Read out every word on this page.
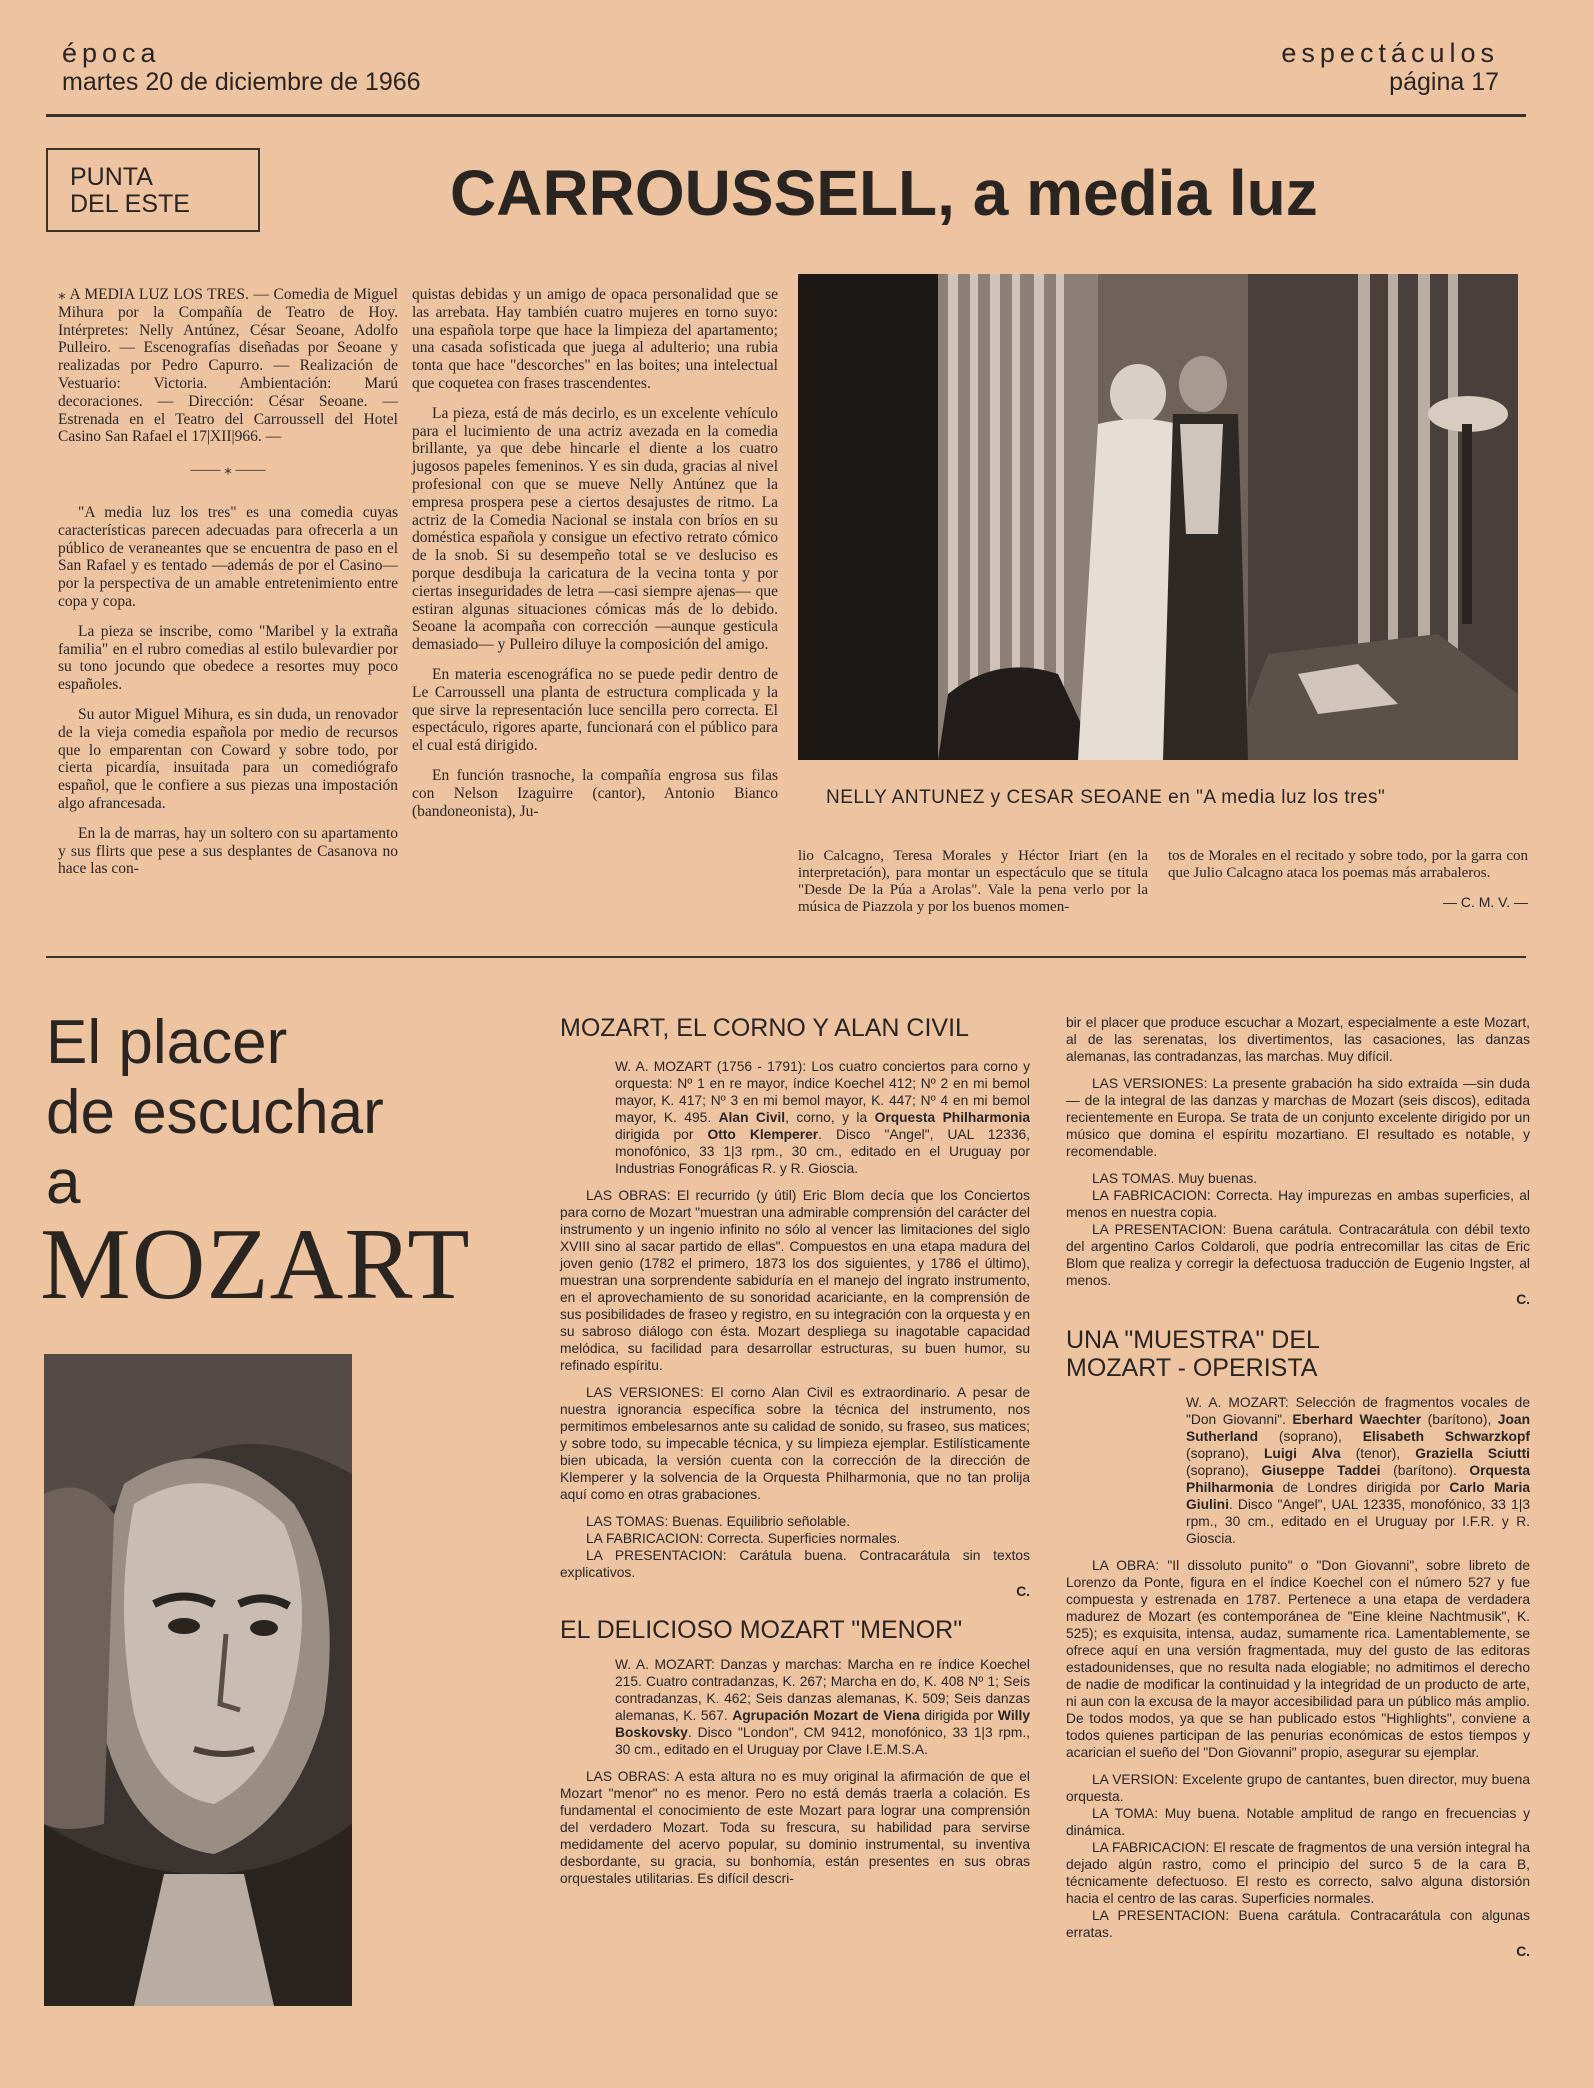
época
martes 20 de diciembre de 1966
espectáculos
página 17
PUNTA
DEL ESTE	CARROUSSELL, a media luz

⁎ A MEDIA LUZ LOS TRES. — Comedia de Miguel Mihura por la Compañía de Teatro de Hoy. Intérpretes: Nelly Antúnez, César Seoane, Adolfo Pulleiro. — Escenografías diseñadas por Seoane y realizadas por Pedro Capurro. — Realización de Vestuario: Victoria. Ambientación: Marú decoraciones. — Dirección: César Seoane. — Estrenada en el Teatro del Carroussell del Hotel Casino San Rafael el 17|XII|966. —

—— ⁎ ——

"A media luz los tres" es una comedia cuyas características parecen adecuadas para ofrecerla a un público de veraneantes que se encuentra de paso en el San Rafael y es tentado —además de por el Casino— por la perspectiva de un amable entretenimiento entre copa y copa.

La pieza se inscribe, como "Maribel y la extraña familia" en el rubro comedias al estilo bulevardier por su tono jocundo que obedece a resortes muy poco españoles.

Su autor Miguel Mihura, es sin duda, un renovador de la vieja comedia española por medio de recursos que lo emparentan con Coward y sobre todo, por cierta picardía, insuitada para un comediógrafo español, que le confiere a sus piezas una impostación algo afrancesada.

En la de marras, hay un soltero con su apartamento y sus flirts que pese a sus desplantes de Casanova no hace las con-

quistas debidas y un amigo de opaca personalidad que se las arrebata. Hay también cuatro mujeres en torno suyo: una española torpe que hace la limpieza del apartamento; una casada sofisticada que juega al adulterio; una rubia tonta que hace "descorches" en las boites; una intelectual que coquetea con frases trascendentes.

La pieza, está de más decirlo, es un excelente vehículo para el lucimiento de una actriz avezada en la comedia brillante, ya que debe hincarle el diente a los cuatro jugosos papeles femeninos. Y es sin duda, gracias al nivel profesional con que se mueve Nelly Antúnez que la empresa prospera pese a ciertos desajustes de ritmo. La actriz de la Comedia Nacional se instala con bríos en su doméstica española y consigue un efectivo retrato cómico de la snob. Si su desempeño total se ve desluciso es porque desdibuja la caricatura de la vecina tonta y por ciertas inseguridades de letra —casi siempre ajenas— que estiran algunas situaciones cómicas más de lo debido. Seoane la acompaña con corrección —aunque gesticula demasiado— y Pulleiro diluye la composición del amigo.

En materia escenográfica no se puede pedir dentro de Le Carroussell una planta de estructura complicada y la que sirve la representación luce sencilla pero correcta. El espectáculo, rigores aparte, funcionará con el público para el cual está dirigido.

En función trasnoche, la compañía engrosa sus filas con Nelson Izaguirre (cantor), Antonio Bianco (bandoneonista), Ju-

NELLY ANTUNEZ y CESAR SEOANE en "A media luz los tres"

lio Calcagno, Teresa Morales y Héctor Iriart (en la interpretación), para montar un espectáculo que se titula "Desde De la Púa a Arolas". Vale la pena verlo por la música de Piazzola y por los buenos momen-

tos de Morales en el recitado y sobre todo, por la garra con que Julio Calcagno ataca los poemas más arrabaleros.

— C. M. V. —
El placer
de escuchar
a
MOZART
MOZART, EL CORNO Y ALAN CIVIL

W. A. MOZART (1756 - 1791): Los cuatro conciertos para corno y orquesta: Nº 1 en re mayor, índice Koechel 412; Nº 2 en mi bemol mayor, K. 417; Nº 3 en mi bemol mayor, K. 447; Nº 4 en mi bemol mayor, K. 495. Alan Civil, corno, y la Orquesta Philharmonia dirigida por Otto Klemperer. Disco "Angel", UAL 12336, monofónico, 33 1|3 rpm., 30 cm., editado en el Uruguay por Industrias Fonográficas R. y R. Gioscia.

LAS OBRAS: El recurrido (y útil) Eric Blom decía que los Conciertos para corno de Mozart "muestran una admirable comprensión del carácter del instrumento y un ingenio infinito no sólo al vencer las limitaciones del siglo XVIII sino al sacar partido de ellas". Compuestos en una etapa madura del joven genio (1782 el primero, 1873 los dos siguientes, y 1786 el último), muestran una sorprendente sabiduría en el manejo del ingrato instrumento, en el aprovechamiento de su sonoridad acariciante, en la comprensión de sus posibilidades de fraseo y registro, en su integración con la orquesta y en su sabroso diálogo con ésta. Mozart despliega su inagotable capacidad melódica, su facilidad para desarrollar estructuras, su buen humor, su refinado espíritu.

LAS VERSIONES: El corno Alan Civil es extraordinario. A pesar de nuestra ignorancia específica sobre la técnica del instrumento, nos permitimos embelesarnos ante su calidad de sonido, su fraseo, sus matices; y sobre todo, su impecable técnica, y su limpieza ejemplar. Estilísticamente bien ubicada, la versión cuenta con la corrección de la dirección de Klemperer y la solvencia de la Orquesta Philharmonia, que no tan prolija aquí como en otras grabaciones.

LAS TOMAS: Buenas. Equilibrio señolable.

LA FABRICACION: Correcta. Superficies normales.

LA PRESENTACION: Carátula buena. Contracarátula sin textos explicativos.

C.
EL DELICIOSO MOZART "MENOR"

W. A. MOZART: Danzas y marchas: Marcha en re índice Koechel 215. Cuatro contradanzas, K. 267; Marcha en do, K. 408 Nº 1; Seis contradanzas, K. 462; Seis danzas alemanas, K. 509; Seis danzas alemanas, K. 567. Agrupación Mozart de Viena dirigida por Willy Boskovsky. Disco "London", CM 9412, monofónico, 33 1|3 rpm., 30 cm., editado en el Uruguay por Clave I.E.M.S.A.

LAS OBRAS: A esta altura no es muy original la afirmación de que el Mozart "menor" no es menor. Pero no está demás traerla a colación. Es fundamental el conocimiento de este Mozart para lograr una comprensión del verdadero Mozart. Toda su frescura, su habilidad para servirse medidamente del acervo popular, su dominio instrumental, su inventiva desbordante, su gracia, su bonhomía, están presentes en sus obras orquestales utilitarias. Es difícil descri-

bir el placer que produce escuchar a Mozart, especialmente a este Mozart, al de las serenatas, los divertimentos, las casaciones, las danzas alemanas, las contradanzas, las marchas. Muy difícil.

LAS VERSIONES: La presente grabación ha sido extraída —sin duda— de la integral de las danzas y marchas de Mozart (seis discos), editada recientemente en Europa. Se trata de un conjunto excelente dirigido por un músico que domina el espíritu mozartiano. El resultado es notable, y recomendable.

LAS TOMAS. Muy buenas.

LA FABRICACION: Correcta. Hay impurezas en ambas superficies, al menos en nuestra copia.

LA PRESENTACION: Buena carátula. Contracarátula con débil texto del argentino Carlos Coldaroli, que podría entrecomillar las citas de Eric Blom que realiza y corregir la defectuosa traducción de Eugenio Ingster, al menos.

C.
UNA "MUESTRA" DEL
MOZART - OPERISTA

W. A. MOZART: Selección de fragmentos vocales de "Don Giovanni". Eberhard Waechter (barítono), Joan Sutherland (soprano), Elisabeth Schwarzkopf (soprano), Luigi Alva (tenor), Graziella Sciutti (soprano), Giuseppe Taddei (barítono). Orquesta Philharmonia de Londres dirigida por Carlo Maria Giulini. Disco "Angel", UAL 12335, monofónico, 33 1|3 rpm., 30 cm., editado en el Uruguay por I.F.R. y R. Gioscia.

LA OBRA: "Il dissoluto punito" o "Don Giovanni", sobre libreto de Lorenzo da Ponte, figura en el índice Koechel con el número 527 y fue compuesta y estrenada en 1787. Pertenece a una etapa de verdadera madurez de Mozart (es contemporánea de "Eine kleine Nachtmusik", K. 525); es exquisita, intensa, audaz, sumamente rica. Lamentablemente, se ofrece aquí en una versión fragmentada, muy del gusto de las editoras estadounidenses, que no resulta nada elogiable; no admitimos el derecho de nadie de modificar la continuidad y la integridad de un producto de arte, ni aun con la excusa de la mayor accesibilidad para un público más amplio. De todos modos, ya que se han publicado estos "Highlights", conviene a todos quienes participan de las penurias económicas de estos tiempos y acarician el sueño del "Don Giovanni" propio, asegurar su ejemplar.

LA VERSION: Excelente grupo de cantantes, buen director, muy buena orquesta.

LA TOMA: Muy buena. Notable amplitud de rango en frecuencias y dinámica.

LA FABRICACION: El rescate de fragmentos de una versión integral ha dejado algún rastro, como el principio del surco 5 de la cara B, técnicamente defectuoso. El resto es correcto, salvo alguna distorsión hacia el centro de las caras. Superficies normales.

LA PRESENTACION: Buena carátula. Contracarátula con algunas erratas.

C.
